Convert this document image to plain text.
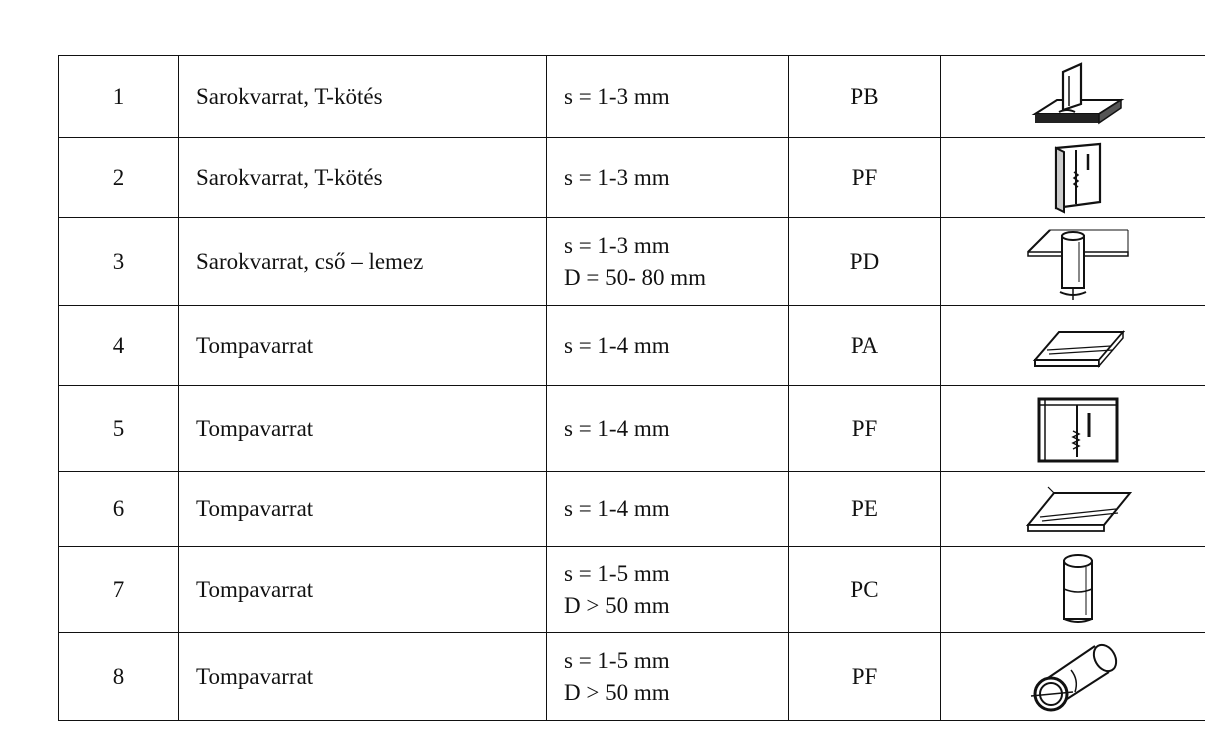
1	Sarokvarrat, T-kötés	s = 1-3 mm	PB	

2	Sarokvarrat, T-kötés	s = 1-3 mm	PF	

3	Sarokvarrat, cső – lemez	s = 1-3 mm
D = 50- 80 mm	PD	

4	Tompavarrat	s = 1-4 mm	PA	

5	Tompavarrat	s = 1-4 mm	PF	

6	Tompavarrat	s = 1-4 mm	PE	

7	Tompavarrat	s = 1-5 mm
D > 50 mm	PC	

8	Tompavarrat	s = 1-5 mm
D > 50 mm	PF	
